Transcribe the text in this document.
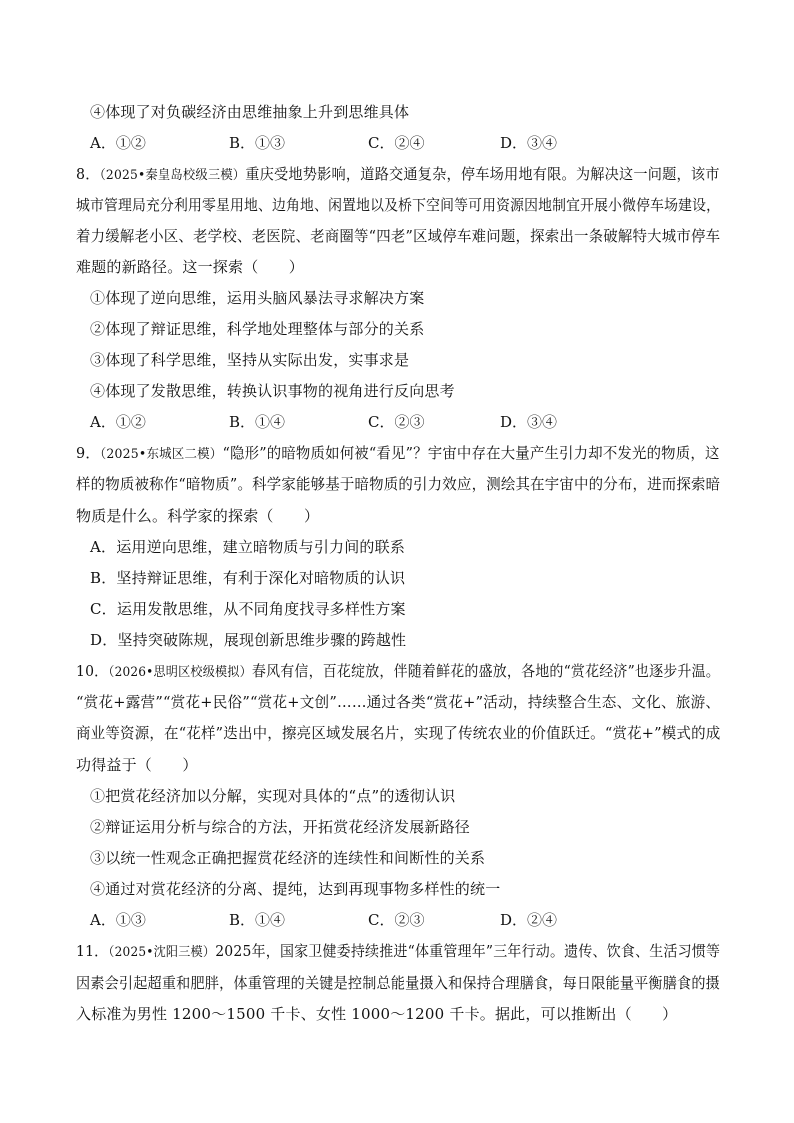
④体现了对负碳经济由思维抽象上升到思维具体
A．①②	B．①③	C．②④	D．③④
8．（2025•秦皇岛校级三模）重庆受地势影响，道路交通复杂，停车场用地有限。为解决这一问题，该市
城市管理局充分利用零星用地、边角地、闲置地以及桥下空间等可用资源因地制宜开展小微停车场建设，
着力缓解老小区、老学校、老医院、老商圈等“四老”区域停车难问题，探索出一条破解特大城市停车
难题的新路径。这一探索（　　）
①体现了逆向思维，运用头脑风暴法寻求解决方案
②体现了辩证思维，科学地处理整体与部分的关系
③体现了科学思维，坚持从实际出发，实事求是
④体现了发散思维，转换认识事物的视角进行反向思考
A．①②	B．①④	C．②③	D．③④
9．（2025•东城区二模）“隐形”的暗物质如何被“看见”？宇宙中存在大量产生引力却不发光的物质，这
样的物质被称作“暗物质”。科学家能够基于暗物质的引力效应，测绘其在宇宙中的分布，进而探索暗
物质是什么。科学家的探索（　　）
A．运用逆向思维，建立暗物质与引力间的联系
B．坚持辩证思维，有利于深化对暗物质的认识
C．运用发散思维，从不同角度找寻多样性方案
D．坚持突破陈规，展现创新思维步骤的跨越性
10．（2026•思明区校级模拟）春风有信，百花绽放，伴随着鲜花的盛放，各地的“赏花经济”也逐步升温。
“赏花+露营”“赏花+民俗”“赏花+文创”……通过各类“赏花+”活动，持续整合生态、文化、旅游、
商业等资源，在“花样”迭出中，擦亮区域发展名片，实现了传统农业的价值跃迁。“赏花+”模式的成
功得益于（　　）
①把赏花经济加以分解，实现对具体的“点”的透彻认识
②辩证运用分析与综合的方法，开拓赏花经济发展新路径
③以统一性观念正确把握赏花经济的连续性和间断性的关系
④通过对赏花经济的分离、提纯，达到再现事物多样性的统一
A．①③	B．①④	C．②③	D．②④
11．（2025•沈阳三模）2025年，国家卫健委持续推进“体重管理年”三年行动。遗传、饮食、生活习惯等
因素会引起超重和肥胖，体重管理的关键是控制总能量摄入和保持合理膳食，每日限能量平衡膳食的摄
入标准为男性 1200～1500 千卡、女性 1000～1200 千卡。据此，可以推断出（　　）
